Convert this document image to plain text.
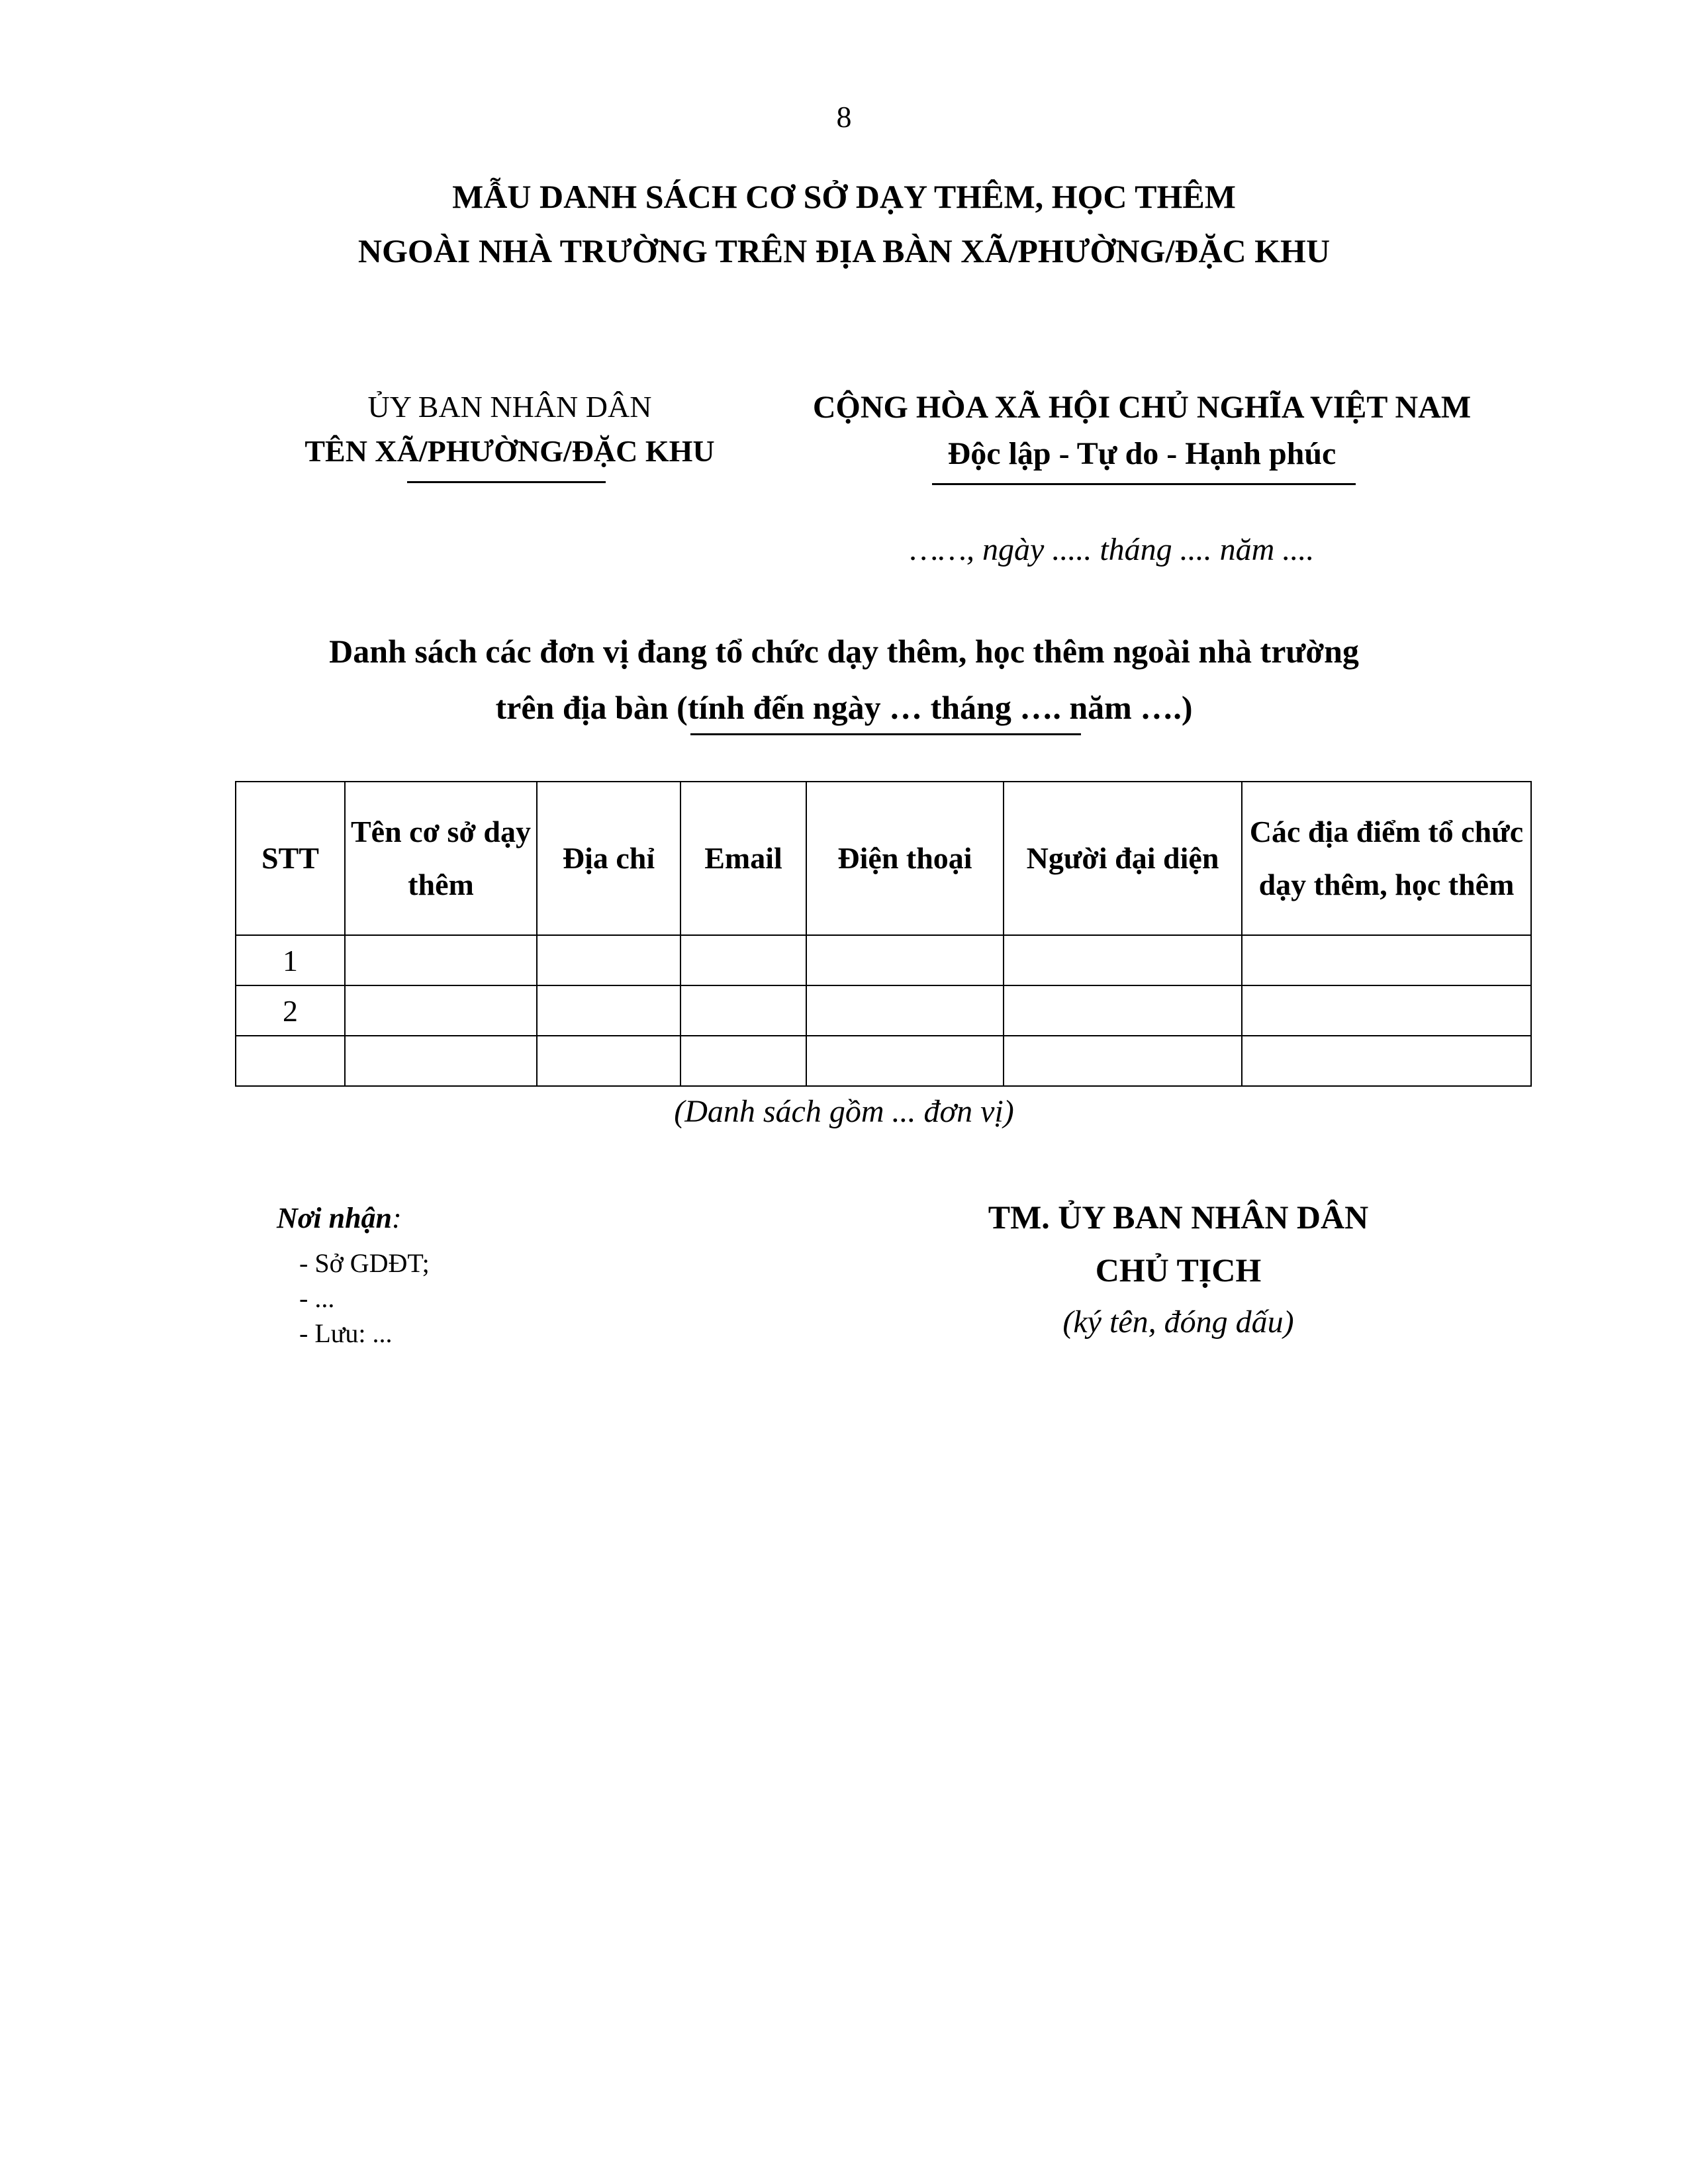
8
MẪU DANH SÁCH CƠ SỞ DẠY THÊM, HỌC THÊM
NGOÀI NHÀ TRƯỜNG TRÊN ĐỊA BÀN XÃ/PHƯỜNG/ĐẶC KHU
ỦY BAN NHÂN DÂN
TÊN XÃ/PHƯỜNG/ĐẶC KHU
CỘNG HÒA XÃ HỘI CHỦ NGHĨA VIỆT NAM
Độc lập - Tự do - Hạnh phúc
……, ngày ..... tháng .... năm ....
Danh sách các đơn vị đang tổ chức dạy thêm, học thêm ngoài nhà trường
trên địa bàn (tính đến ngày … tháng …. năm ….)
STT	Tên cơ sở dạy thêm	Địa chỉ	Email	Điện thoại	Người đại diện	Các địa điểm tổ chức dạy thêm, học thêm
1						
2						

(Danh sách gồm ... đơn vị)
Nơi nhận:
- Sở GDĐT;
- ...
- Lưu: ...
TM. ỦY BAN NHÂN DÂN
CHỦ TỊCH
(ký tên, đóng dấu)
